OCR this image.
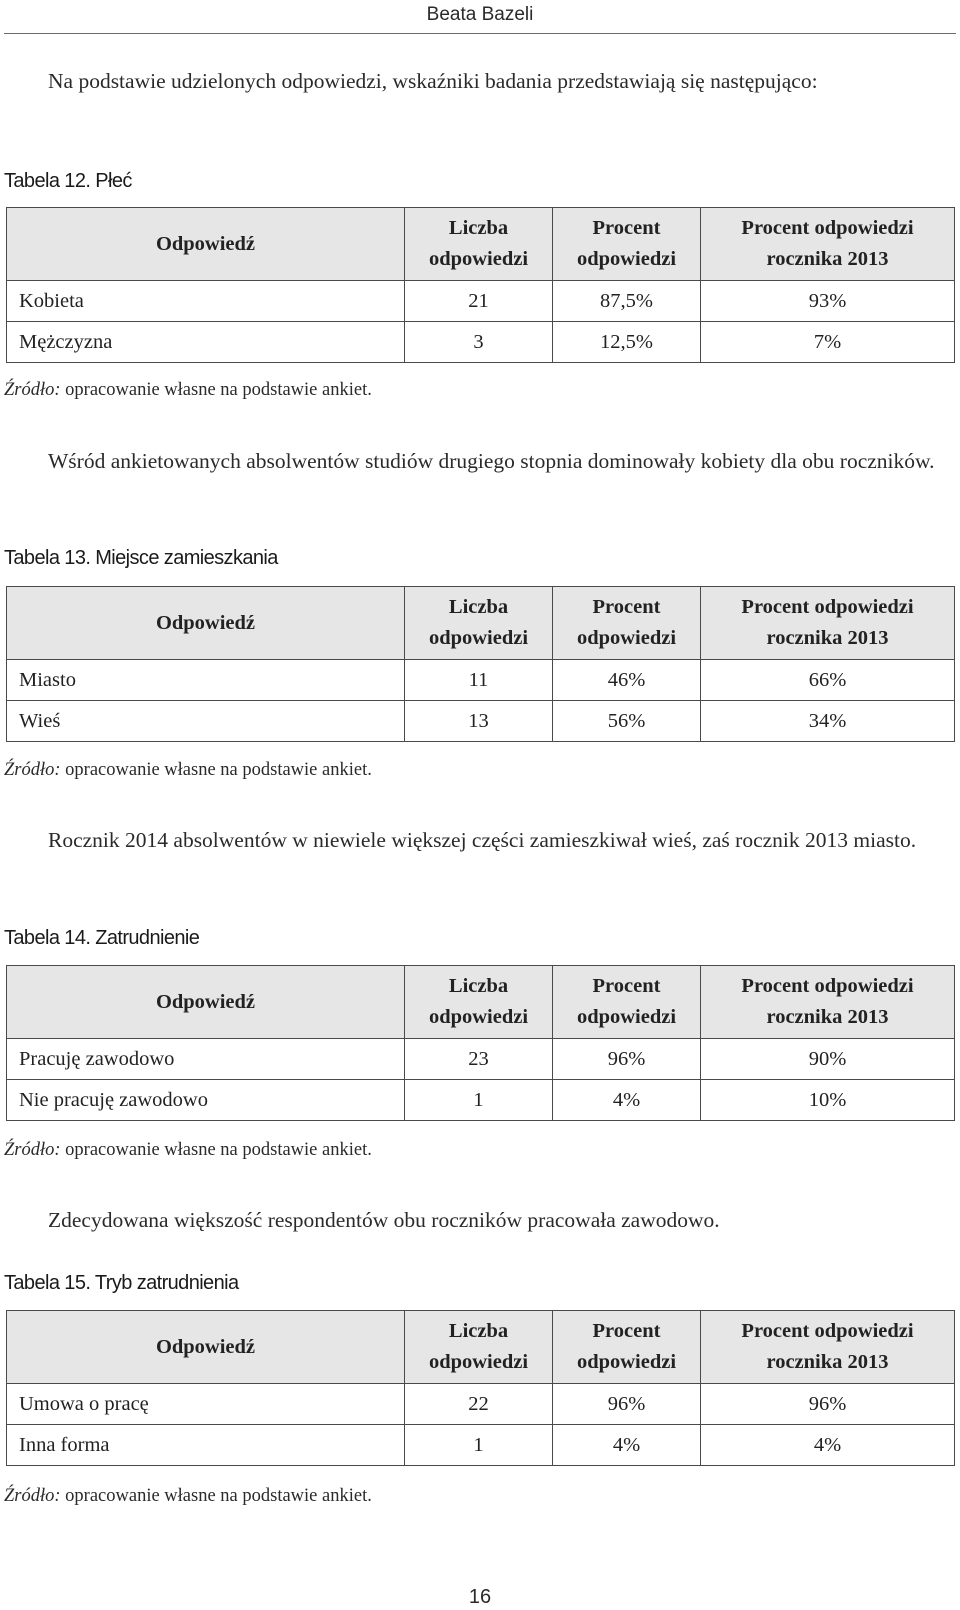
Beata Bazeli

Na podstawie udzielonych odpowiedzi, wskaźniki badania przedstawiają się następująco:

Tabela 12. Płeć
Odpowiedź	Liczba odpowiedzi	Procent odpowiedzi	Procent odpowiedzi rocznika 2013
Kobieta	21	87,5%	93%
Mężczyzna	3	12,5%	7%
Źródło: opracowanie własne na podstawie ankiet.

Wśród ankietowanych absolwentów studiów drugiego stopnia dominowały kobiety dla obu roczników.

Tabela 13. Miejsce zamieszkania
Odpowiedź	Liczba odpowiedzi	Procent odpowiedzi	Procent odpowiedzi rocznika 2013
Miasto	11	46%	66%
Wieś	13	56%	34%
Źródło: opracowanie własne na podstawie ankiet.

Rocznik 2014 absolwentów w niewiele większej części zamieszkiwał wieś, zaś rocznik 2013 miasto.

Tabela 14. Zatrudnienie
Odpowiedź	Liczba odpowiedzi	Procent odpowiedzi	Procent odpowiedzi rocznika 2013
Pracuję zawodowo	23	96%	90%
Nie pracuję zawodowo	1	4%	10%
Źródło: opracowanie własne na podstawie ankiet.

Zdecydowana większość respondentów obu roczników pracowała zawodowo.

Tabela 15. Tryb zatrudnienia
Odpowiedź	Liczba odpowiedzi	Procent odpowiedzi	Procent odpowiedzi rocznika 2013
Umowa o pracę	22	96%	96%
Inna forma	1	4%	4%
Źródło: opracowanie własne na podstawie ankiet.
16
